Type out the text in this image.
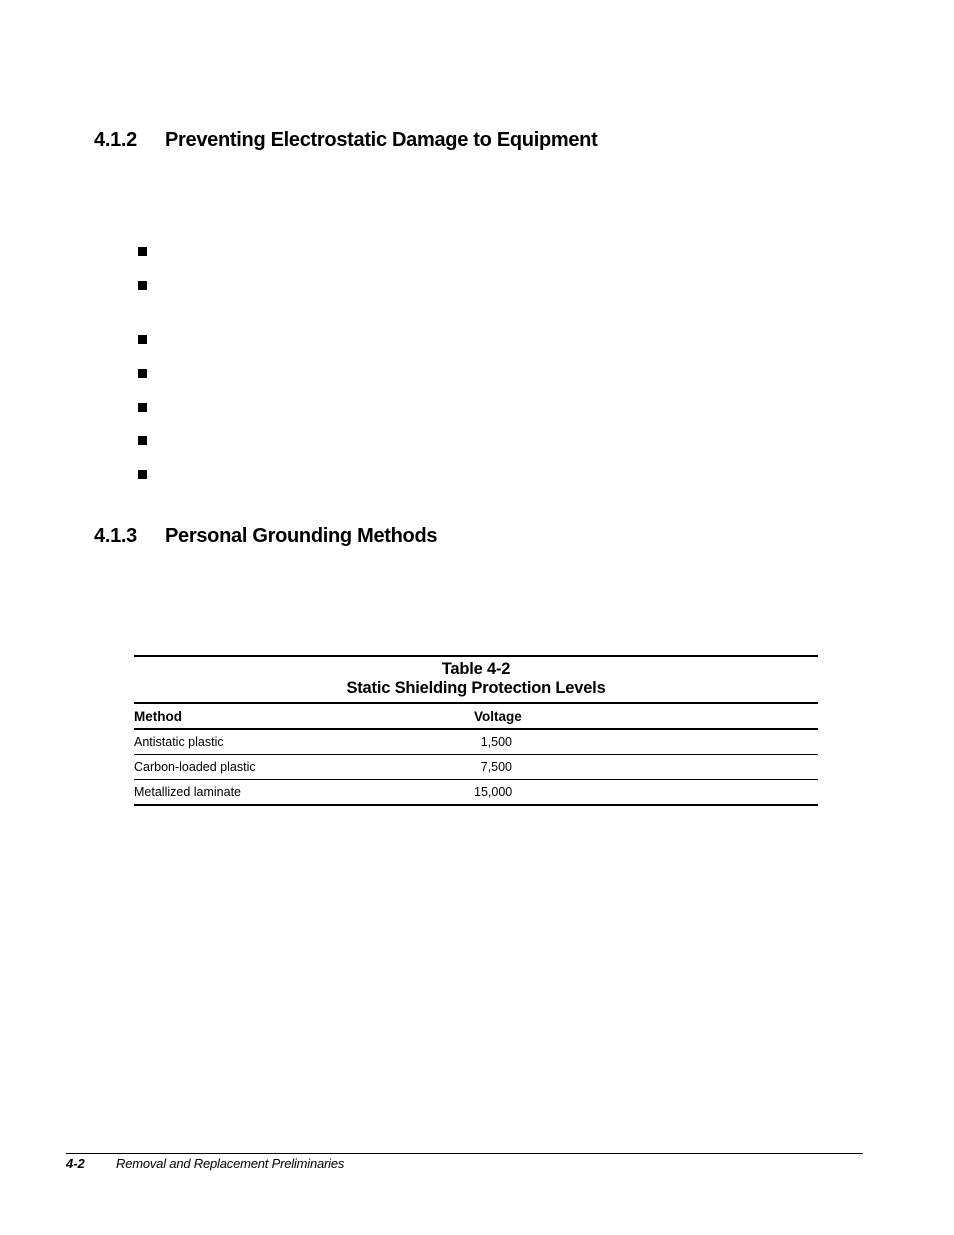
4.1.2 Preventing Electrostatic Damage to Equipment
4.1.3 Personal Grounding Methods
Table 4-2
Static Shielding Protection Levels
Method	Voltage
Antistatic plastic	1,500
Carbon-loaded plastic	7,500
Metallized laminate	15,000
4-2 Removal and Replacement Preliminaries
